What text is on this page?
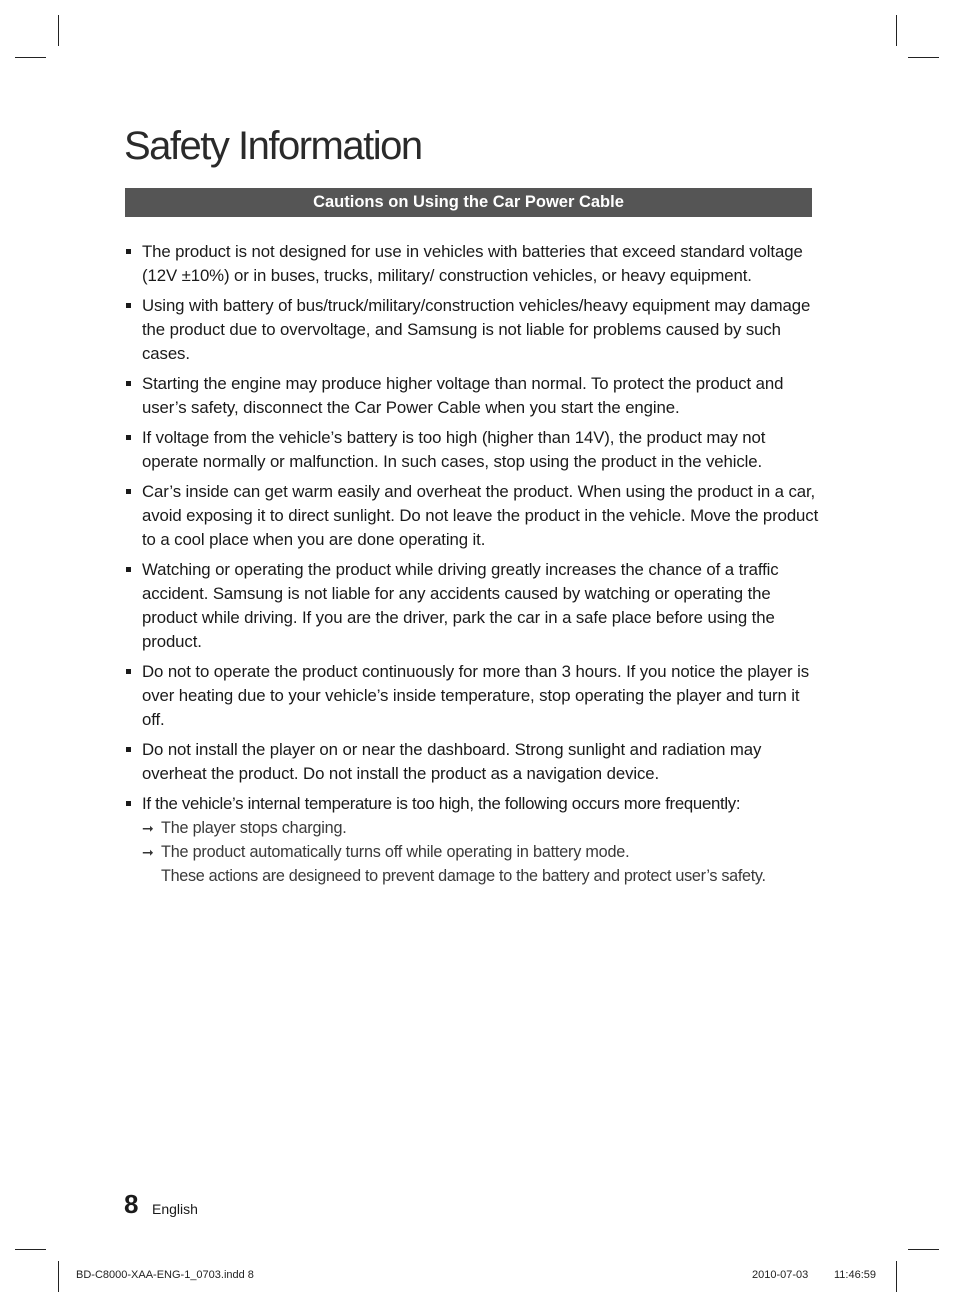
Safety Information
Cautions on Using the Car Power Cable
The product is not designed for use in vehicles with batteries that exceed standard voltage (12V ±10%) or in buses, trucks, military/ construction vehicles, or heavy equipment.
Using with battery of bus/truck/military/construction vehicles/heavy equipment may damage the product due to overvoltage, and Samsung is not liable for problems caused by such cases.
Starting the engine may produce higher voltage than normal. To protect the product and user’s safety, disconnect the Car Power Cable when you start the engine.
If voltage from the vehicle’s battery is too high (higher than 14V), the product may not operate normally or malfunction. In such cases, stop using the product in the vehicle.
Car’s inside can get warm easily and overheat the product. When using the product in a car, avoid exposing it to direct sunlight. Do not leave the product in the vehicle. Move the product to a cool place when you are done operating it.
Watching or operating the product while driving greatly increases the chance of a traffic accident. Samsung is not liable for any accidents caused by watching or operating the product while driving. If you are the driver, park the car in a safe place before using the product.
Do not to operate the product continuously for more than 3 hours. If you notice the player is over heating due to your vehicle’s inside temperature, stop operating the player and turn it off.
Do not install the player on or near the dashboard. Strong sunlight and radiation may overheat the product. Do not install the product as a navigation device.
If the vehicle’s internal temperature is too high, the following occurs more frequently:
➞ The player stops charging.
➞ The product automatically turns off while operating in battery mode.
These actions are designeed to prevent damage to the battery and protect user’s safety.
8 English
BD-C8000-XAA-ENG-1_0703.indd 8	2010-07-03 11:46:59
